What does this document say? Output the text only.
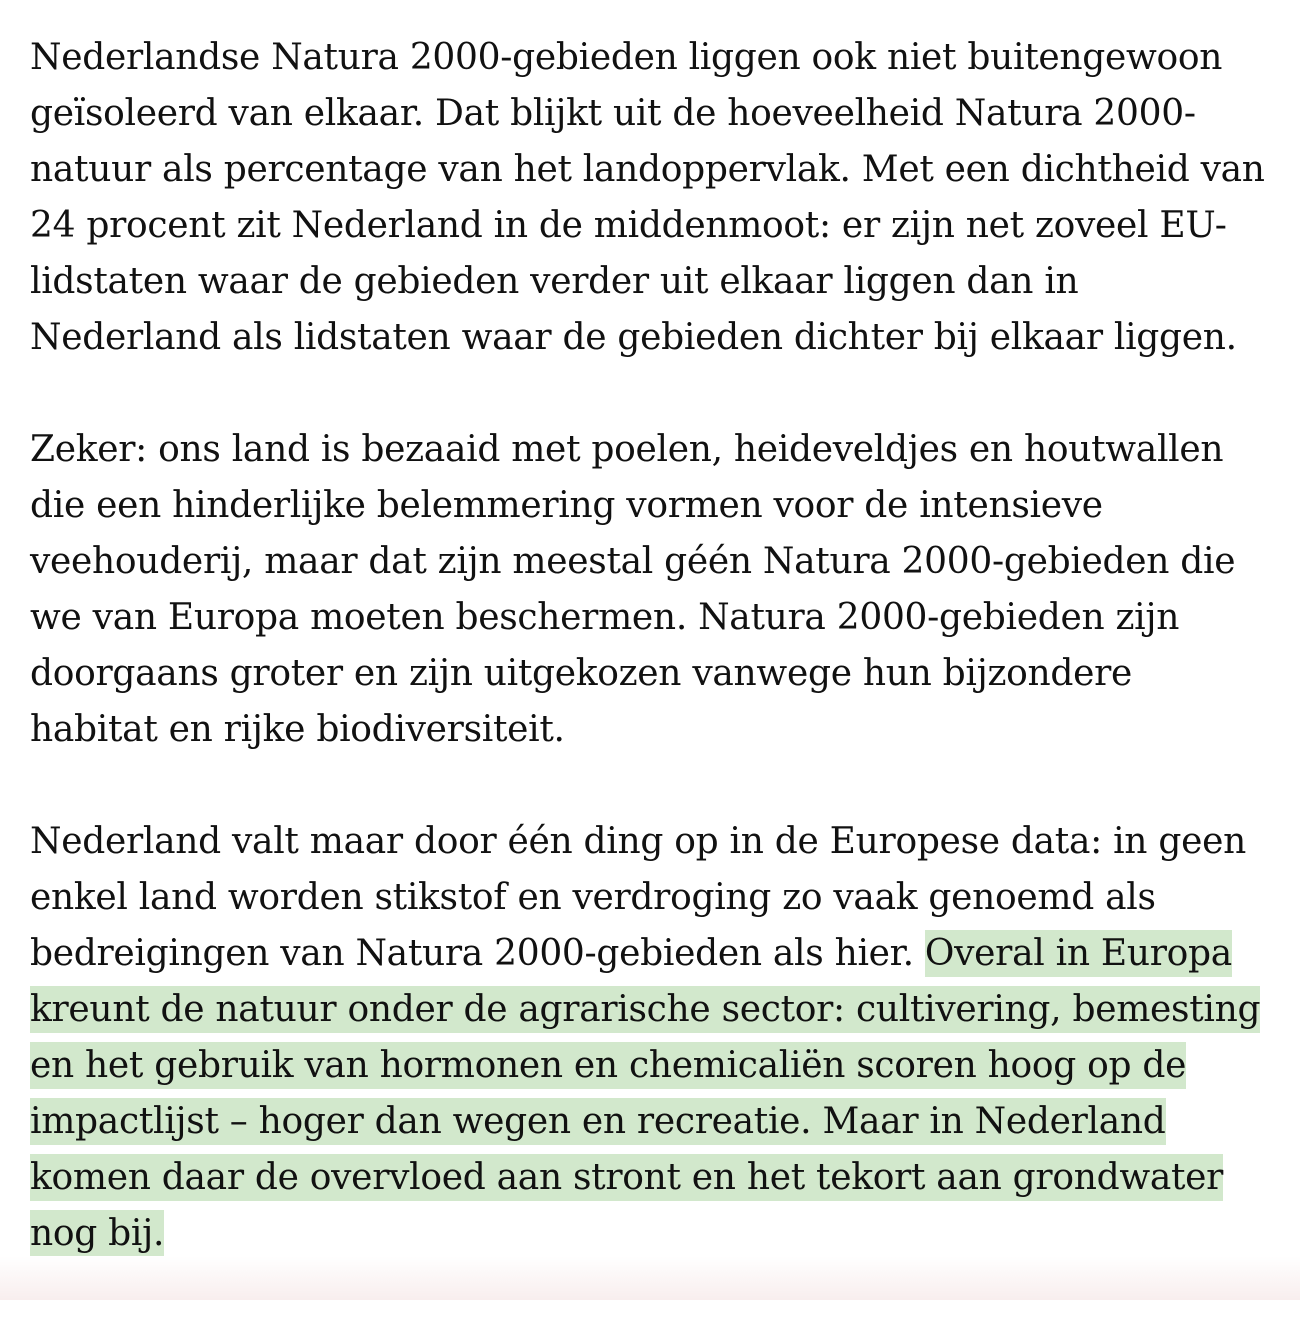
Nederlandse Natura 2000-gebieden liggen ook niet buitengewoon geïsoleerd van elkaar. Dat blijkt uit de hoeveelheid Natura 2000-natuur als percentage van het landoppervlak. Met een dichtheid van 24 procent zit Nederland in de middenmoot: er zijn net zoveel EU-lidstaten waar de gebieden verder uit elkaar liggen dan in Nederland als lidstaten waar de gebieden dichter bij elkaar liggen.

Zeker: ons land is bezaaid met poelen, heideveldjes en houtwallen die een hinderlijke belemmering vormen voor de intensieve veehouderij, maar dat zijn meestal géén Natura 2000-gebieden die we van Europa moeten beschermen. Natura 2000-gebieden zijn doorgaans groter en zijn uitgekozen vanwege hun bijzondere habitat en rijke biodiversiteit.

Nederland valt maar door één ding op in de Europese data: in geen enkel land worden stikstof en verdroging zo vaak genoemd als bedreigingen van Natura 2000-gebieden als hier. Overal in Europa kreunt de natuur onder de agrarische sector: cultivering, bemesting en het gebruik van hormonen en chemicaliën scoren hoog op de impactlijst – hoger dan wegen en recreatie. Maar in Nederland komen daar de overvloed aan stront en het tekort aan grondwater nog bij.
